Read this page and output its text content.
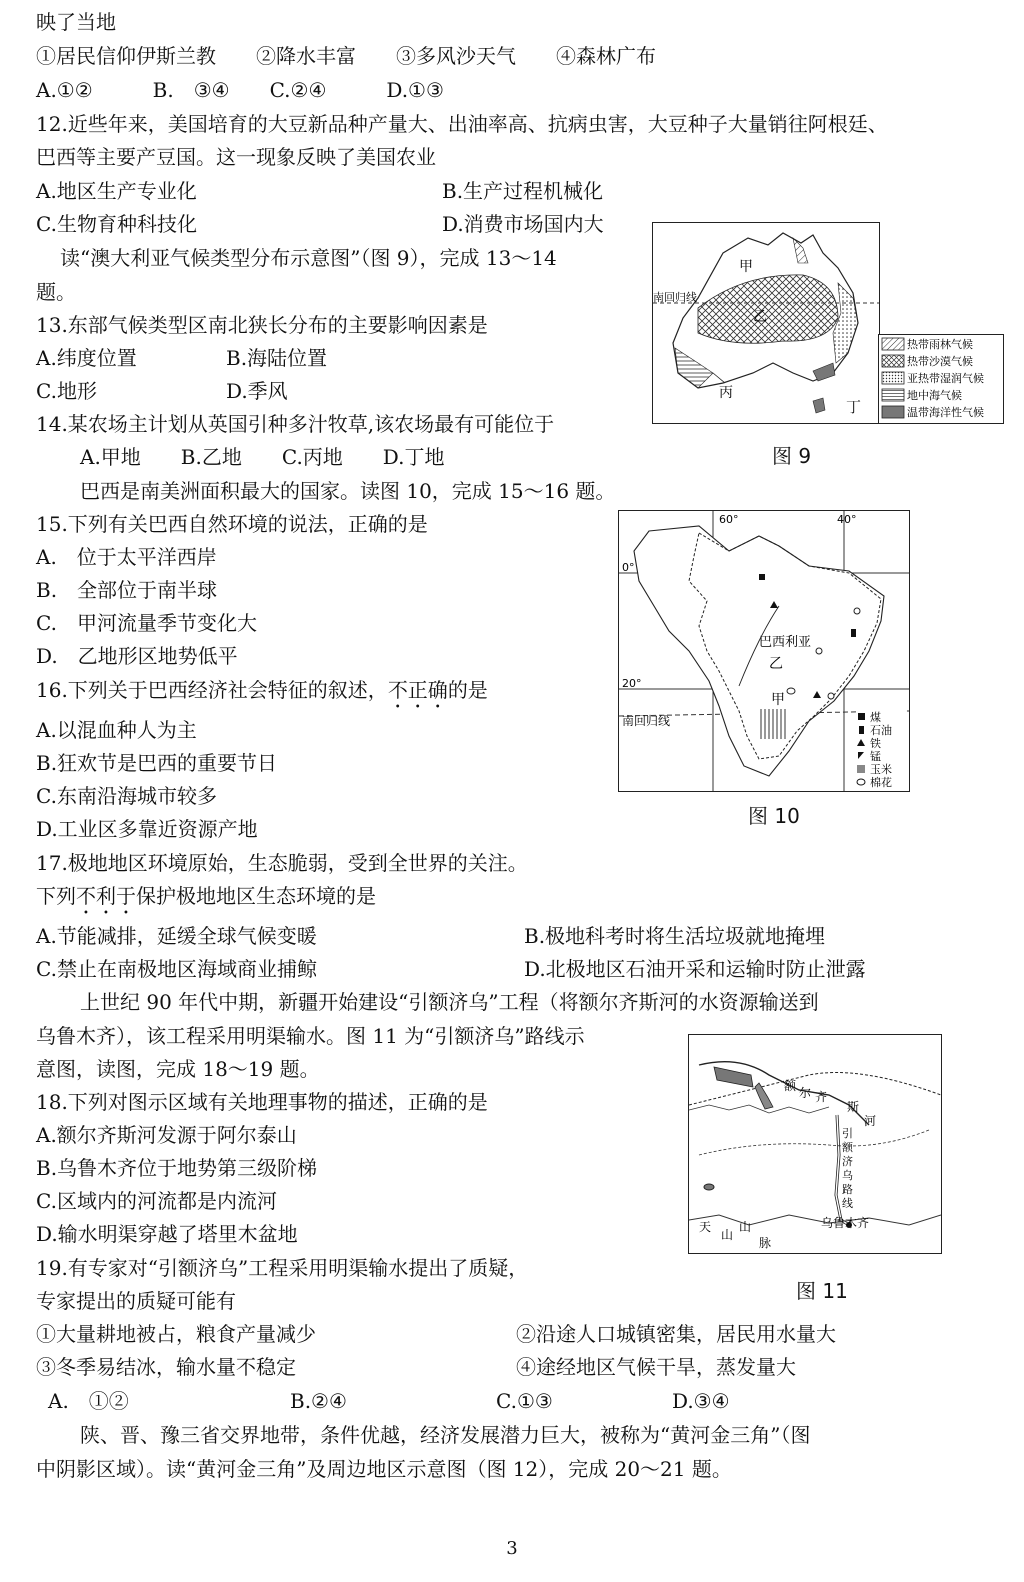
映了当地
①居民信仰伊斯兰教　　②降水丰富　　③多风沙天气　　④森林广布
A.①②　　　B.　③④　　C.②④　　　D.①③
12.近些年来，美国培育的大豆新品种产量大、出油率高、抗病虫害，大豆种子大量销往阿根廷、
巴西等主要产豆国。这一现象反映了美国农业
A.地区生产专业化	B.生产过程机械化
C.生物育种科技化	D.消费市场国内大
读“澳大利亚气候类型分布示意图”（图 9），完成 13～14
题。
13.东部气候类型区南北狭长分布的主要影响因素是
A.纬度位置	B.海陆位置
C.地形	D.季风
14.某农场主计划从英国引种多汁牧草,该农场最有可能位于
A.甲地　　B.乙地　　C.丙地　　D.丁地
南回归线
甲
乙
丙
热带雨林气候
热带沙漠气候
亚热带湿润气候
地中海气候
温带海洋性气候
丁
图 9
巴西是南美洲面积最大的国家。读图 10，完成 15～16 题。
15.下列有关巴西自然环境的说法，正确的是
A.　位于太平洋西岸
B.　全部位于南半球
C.　甲河流量季节变化大
D.　乙地形区地势低平
16.下列关于巴西经济社会特征的叙述，不正确的是
A.以混血种人为主
B.狂欢节是巴西的重要节日
C.东南沿海城市较多
D.工业区多靠近资源产地
60°	40°
0°
20°
南回归线
巴西利亚
乙
甲
煤
石油
铁
锰
玉米
棉花
图 10
17.极地地区环境原始，生态脆弱，受到全世界的关注。
下列不利于保护极地地区生态环境的是
A.节能减排，延缓全球气候变暖	B.极地科考时将生活垃圾就地掩埋
C.禁止在南极地区海域商业捕鲸	D.北极地区石油开采和运输时防止泄露
上世纪 90 年代中期，新疆开始建设“引额济乌”工程（将额尔齐斯河的水资源输送到
乌鲁木齐），该工程采用明渠输水。图 11 为“引额济乌”路线示
意图，读图，完成 18～19 题。
18.下列对图示区域有关地理事物的描述，正确的是
A.额尔齐斯河发源于阿尔泰山
B.乌鲁木齐位于地势第三级阶梯
C.区域内的河流都是内流河
D.输水明渠穿越了塔里木盆地
额 尔 齐
斯
河
引
额
济
乌
路
线
乌鲁木齐
天
山
山
脉
图 11
19.有专家对“引额济乌”工程采用明渠输水提出了质疑，
专家提出的质疑可能有
①大量耕地被占，粮食产量减少	②沿途人口城镇密集，居民用水量大
③冬季易结冰，输水量不稳定	④途经地区气候干旱，蒸发量大
A.　①②	B.②④	C.①③	D.③④
陕、晋、豫三省交界地带，条件优越，经济发展潜力巨大，被称为“黄河金三角”（图
中阴影区域）。读“黄河金三角”及周边地区示意图（图 12），完成 20～21 题。
3
